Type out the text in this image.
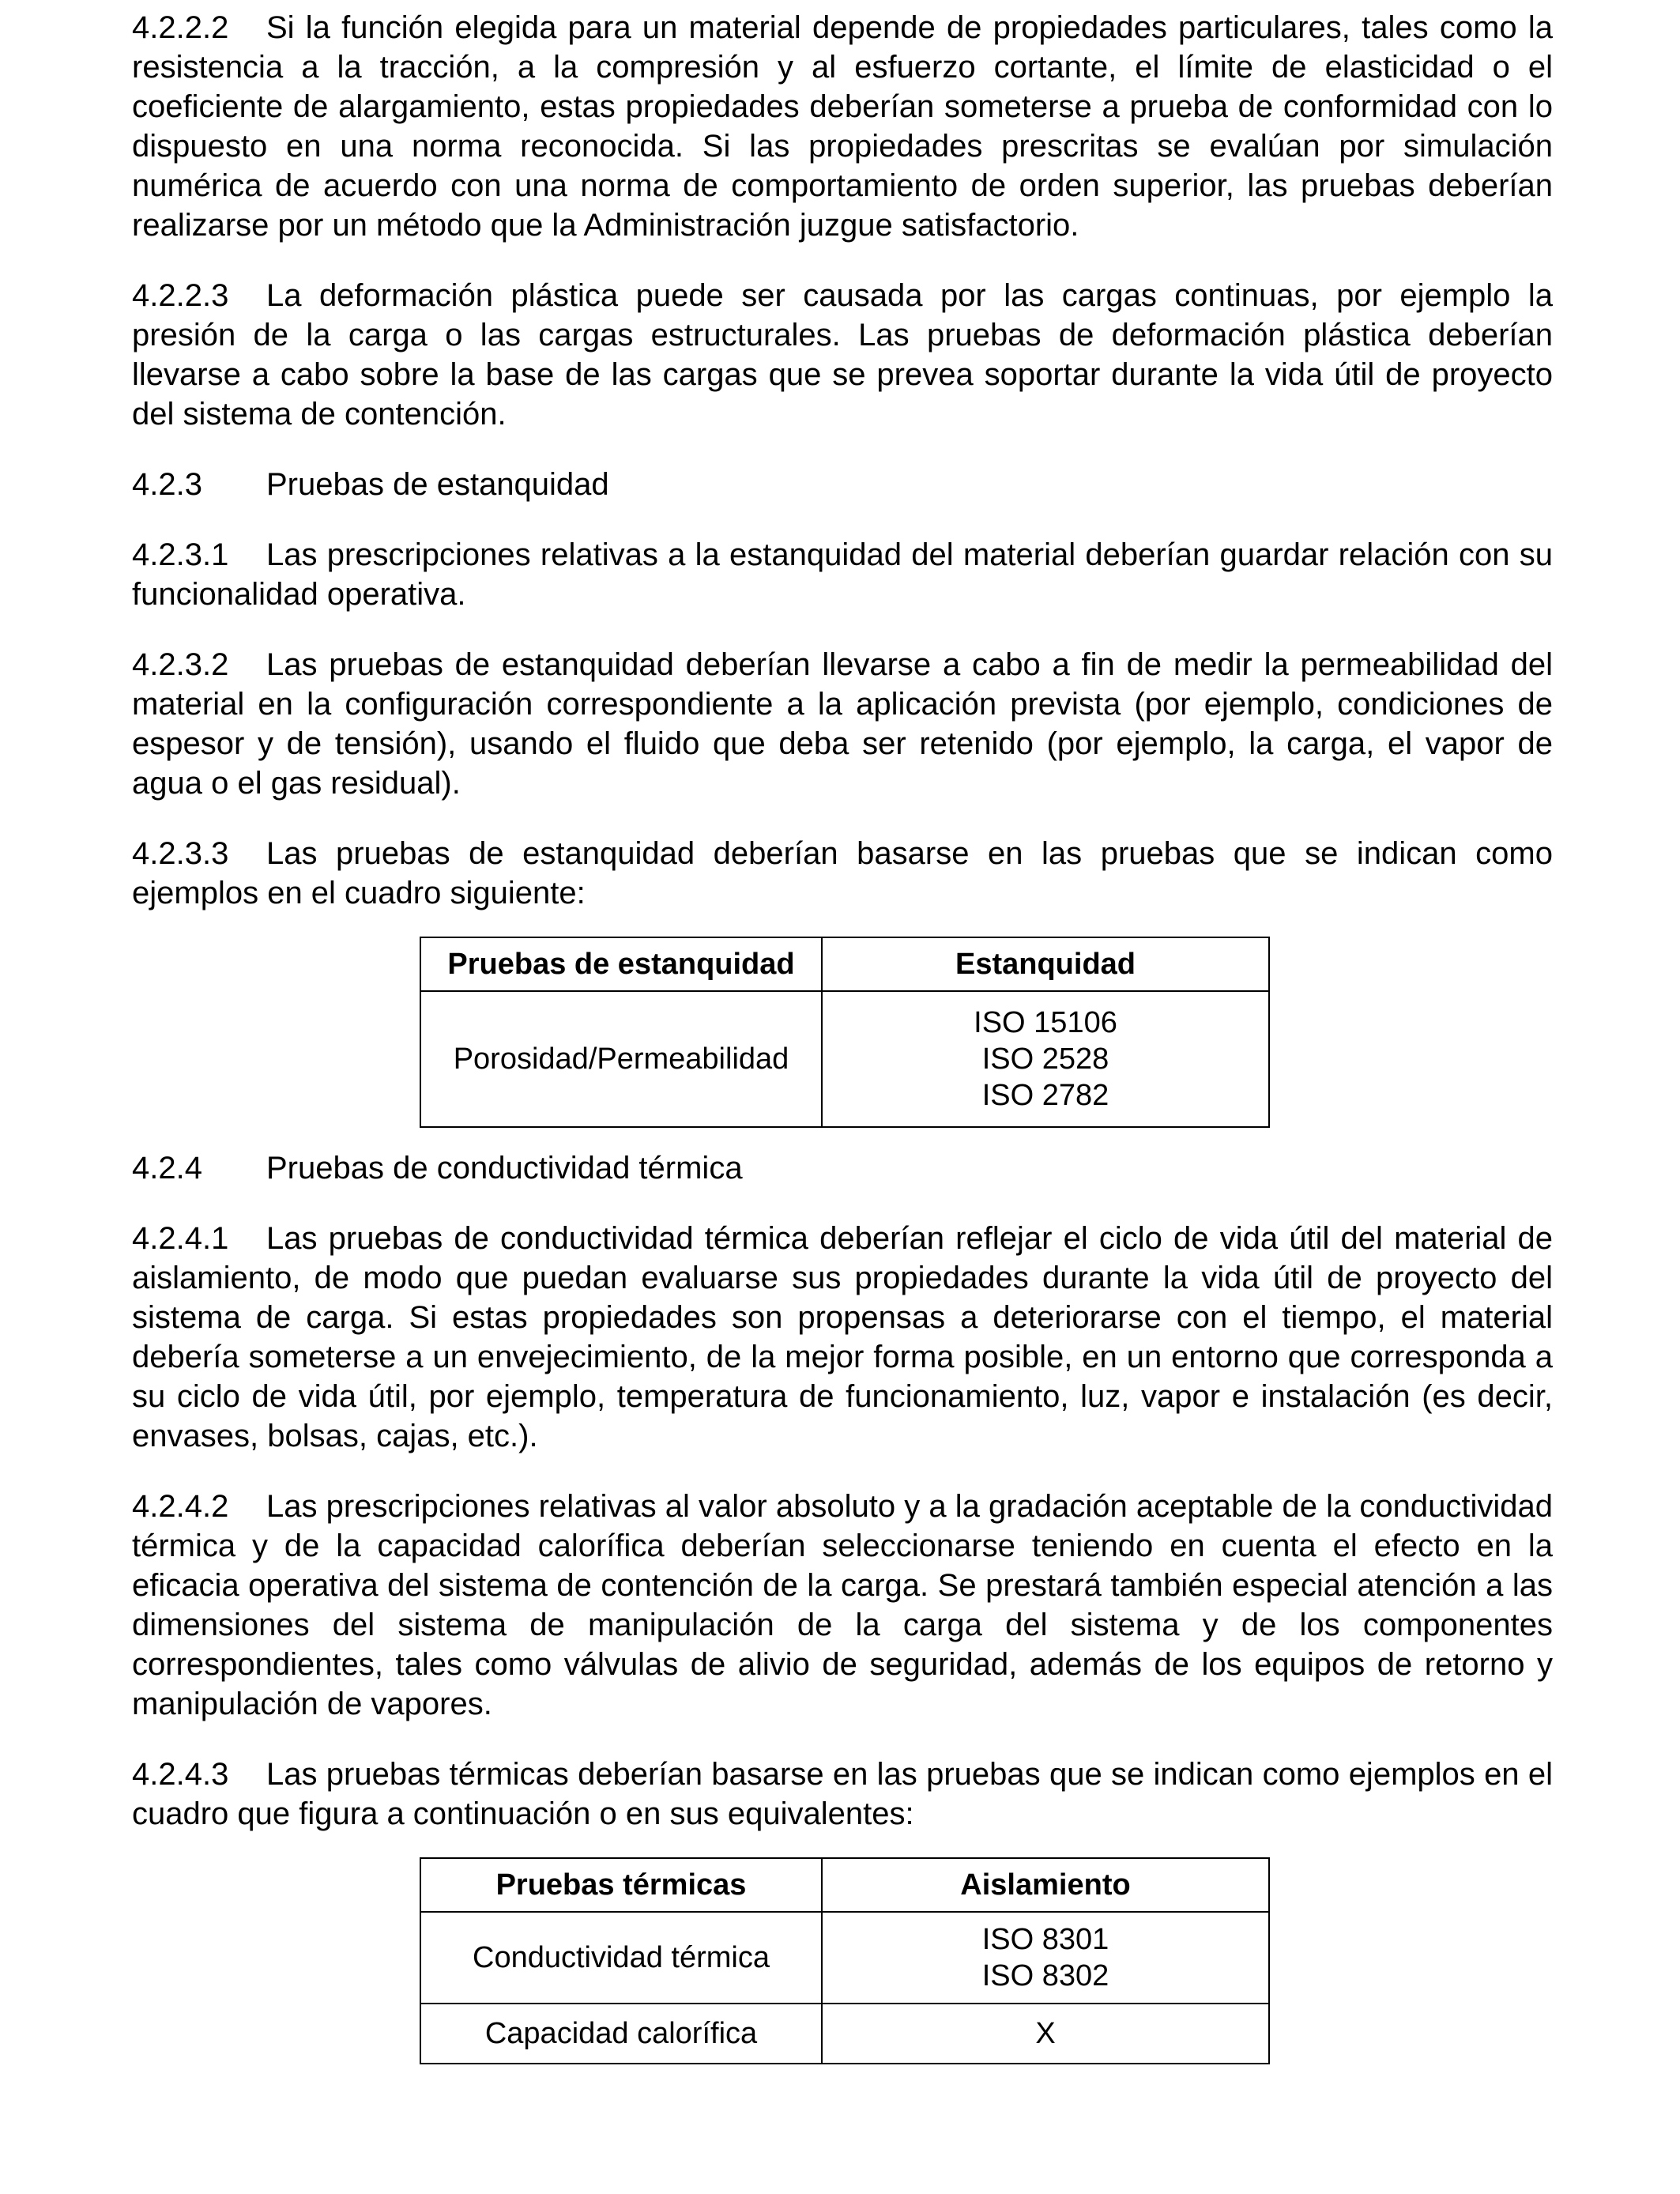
4.2.2.2 Si la función elegida para un material depende de propiedades particulares, tales como la resistencia a la tracción, a la compresión y al esfuerzo cortante, el límite de elasticidad o el coeficiente de alargamiento, estas propiedades deberían someterse a prueba de conformidad con lo dispuesto en una norma reconocida. Si las propiedades prescritas se evalúan por simulación numérica de acuerdo con una norma de comportamiento de orden superior, las pruebas deberían realizarse por un método que la Administración juzgue satisfactorio.

4.2.2.3 La deformación plástica puede ser causada por las cargas continuas, por ejemplo la presión de la carga o las cargas estructurales. Las pruebas de deformación plástica deberían llevarse a cabo sobre la base de las cargas que se prevea soportar durante la vida útil de proyecto del sistema de contención.

4.2.3 Pruebas de estanquidad

4.2.3.1 Las prescripciones relativas a la estanquidad del material deberían guardar relación con su funcionalidad operativa.

4.2.3.2 Las pruebas de estanquidad deberían llevarse a cabo a fin de medir la permeabilidad del material en la configuración correspondiente a la aplicación prevista (por ejemplo, condiciones de espesor y de tensión), usando el fluido que deba ser retenido (por ejemplo, la carga, el vapor de agua o el gas residual).

4.2.3.3 Las pruebas de estanquidad deberían basarse en las pruebas que se indican como ejemplos en el cuadro siguiente:

Pruebas de estanquidad	Estanquidad
Porosidad/Permeabilidad	ISO 15106
ISO 2528
ISO 2782

4.2.4 Pruebas de conductividad térmica

4.2.4.1 Las pruebas de conductividad térmica deberían reflejar el ciclo de vida útil del material de aislamiento, de modo que puedan evaluarse sus propiedades durante la vida útil de proyecto del sistema de carga. Si estas propiedades son propensas a deteriorarse con el tiempo, el material debería someterse a un envejecimiento, de la mejor forma posible, en un entorno que corresponda a su ciclo de vida útil, por ejemplo, temperatura de funcionamiento, luz, vapor e instalación (es decir, envases, bolsas, cajas, etc.).

4.2.4.2 Las prescripciones relativas al valor absoluto y a la gradación aceptable de la conductividad térmica y de la capacidad calorífica deberían seleccionarse teniendo en cuenta el efecto en la eficacia operativa del sistema de contención de la carga. Se prestará también especial atención a las dimensiones del sistema de manipulación de la carga del sistema y de los componentes correspondientes, tales como válvulas de alivio de seguridad, además de los equipos de retorno y manipulación de vapores.

4.2.4.3 Las pruebas térmicas deberían basarse en las pruebas que se indican como ejemplos en el cuadro que figura a continuación o en sus equivalentes:

Pruebas térmicas	Aislamiento
Conductividad térmica	ISO 8301
ISO 8302

Capacidad calorífica	X
